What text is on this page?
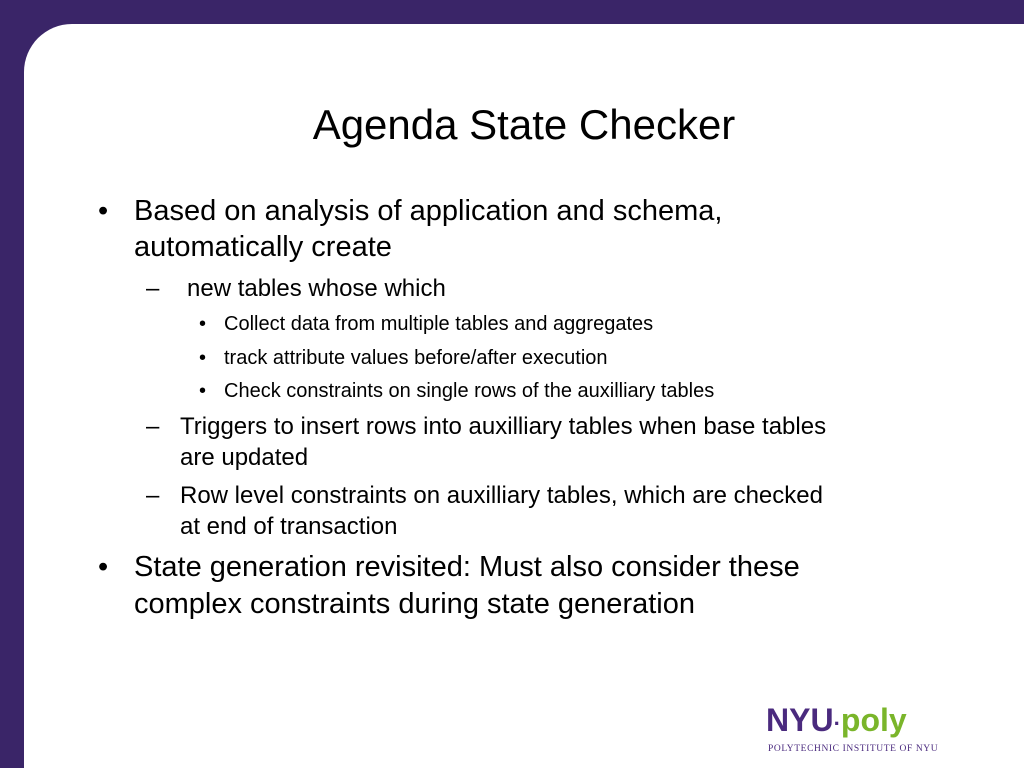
Agenda State Checker
• Based on analysis of application and schema,
automatically create
–	new tables whose which
• Collect data from multiple tables and aggregates
• track attribute values before/after execution
• Check constraints on single rows of the auxilliary tables
– Triggers to insert rows into auxilliary tables when base tables
are updated
– Row level constraints on auxilliary tables, which are checked
at end of transaction
• State generation revisited: Must also consider these
complex constraints during state generation
NYU·poly
POLYTECHNIC INSTITUTE OF NYU
